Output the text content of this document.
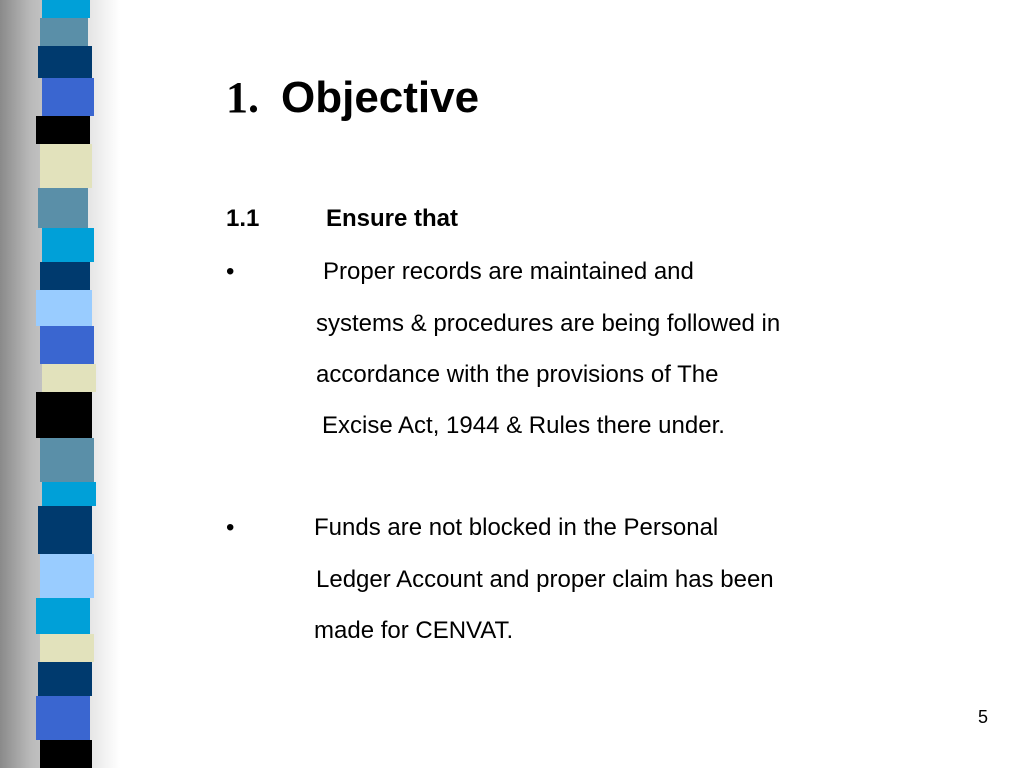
1. Objective
1.1	Ensure that
•	Proper records are maintained and
systems & procedures are being followed in
accordance with the provisions of The
Excise Act, 1944 & Rules there under.
•	Funds are not blocked in the Personal
Ledger Account and proper claim has been
made for CENVAT.
5
